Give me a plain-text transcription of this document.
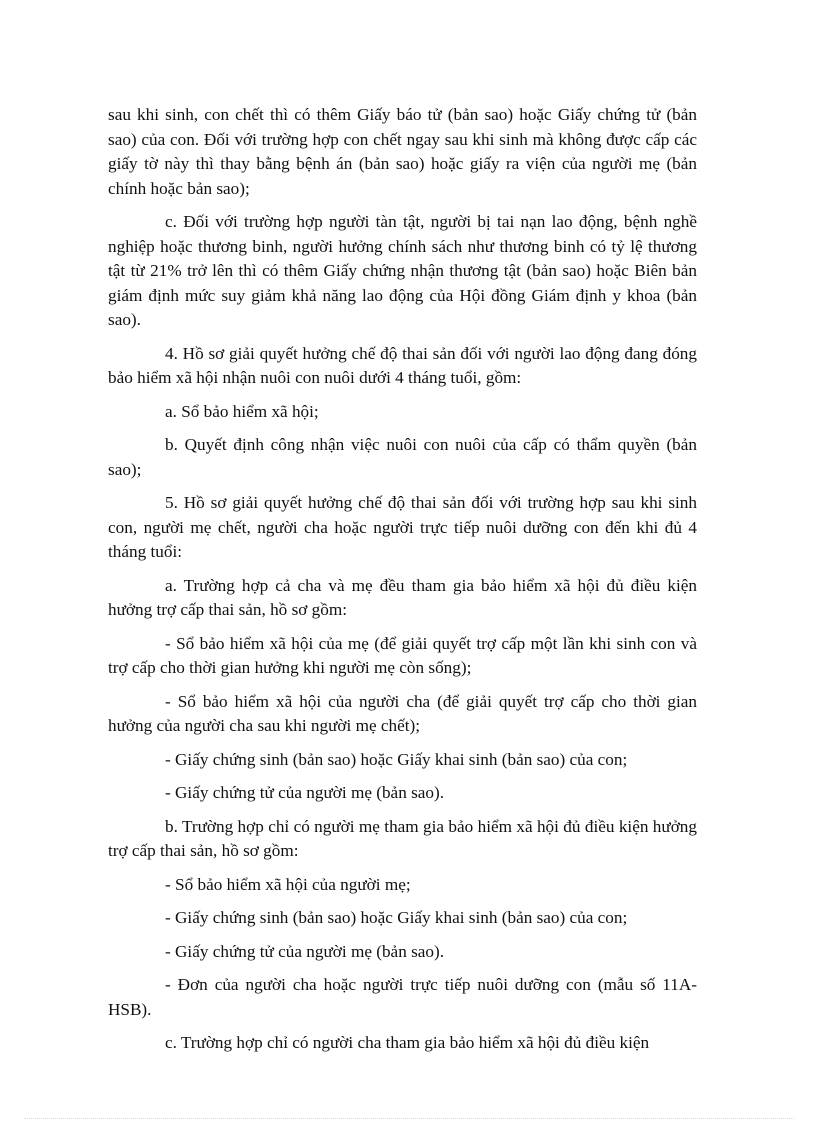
sau khi sinh, con chết thì có thêm Giấy báo tử (bản sao) hoặc Giấy chứng tử (bản sao) của con. Đối với trường hợp con chết ngay sau khi sinh mà không được cấp các giấy tờ này thì thay bằng bệnh án (bản sao) hoặc giấy ra viện của người mẹ (bản chính hoặc bản sao);

c. Đối với trường hợp người tàn tật, người bị tai nạn lao động, bệnh nghề nghiệp hoặc thương binh, người hưởng chính sách như thương binh có tỷ lệ thương tật từ 21% trở lên thì có thêm Giấy chứng nhận thương tật (bản sao) hoặc Biên bản giám định mức suy giảm khả năng lao động của Hội đồng Giám định y khoa (bản sao).

4. Hồ sơ giải quyết hưởng chế độ thai sản đối với người lao động đang đóng bảo hiểm xã hội nhận nuôi con nuôi dưới 4 tháng tuổi, gồm:

a. Sổ bảo hiểm xã hội;

b. Quyết định công nhận việc nuôi con nuôi của cấp có thẩm quyền (bản sao);

5. Hồ sơ giải quyết hưởng chế độ thai sản đối với trường hợp sau khi sinh con, người mẹ chết, người cha hoặc người trực tiếp nuôi dưỡng con đến khi đủ 4 tháng tuổi:

a. Trường hợp cả cha và mẹ đều tham gia bảo hiểm xã hội đủ điều kiện hưởng trợ cấp thai sản, hồ sơ gồm:

- Sổ bảo hiểm xã hội của mẹ (để giải quyết trợ cấp một lần khi sinh con và trợ cấp cho thời gian hưởng khi người mẹ còn sống);

- Sổ bảo hiểm xã hội của người cha (để giải quyết trợ cấp cho thời gian hưởng của người cha sau khi người mẹ chết);

- Giấy chứng sinh (bản sao) hoặc Giấy khai sinh (bản sao) của con;

- Giấy chứng tử của người mẹ (bản sao).

b. Trường hợp chỉ có người mẹ tham gia bảo hiểm xã hội đủ điều kiện hưởng trợ cấp thai sản, hồ sơ gồm:

- Sổ bảo hiểm xã hội của người mẹ;

- Giấy chứng sinh (bản sao) hoặc Giấy khai sinh (bản sao) của con;

- Giấy chứng tử của người mẹ (bản sao).

- Đơn của người cha hoặc người trực tiếp nuôi dưỡng con (mẫu số 11A-HSB).

c. Trường hợp chỉ có người cha tham gia bảo hiểm xã hội đủ điều kiện
